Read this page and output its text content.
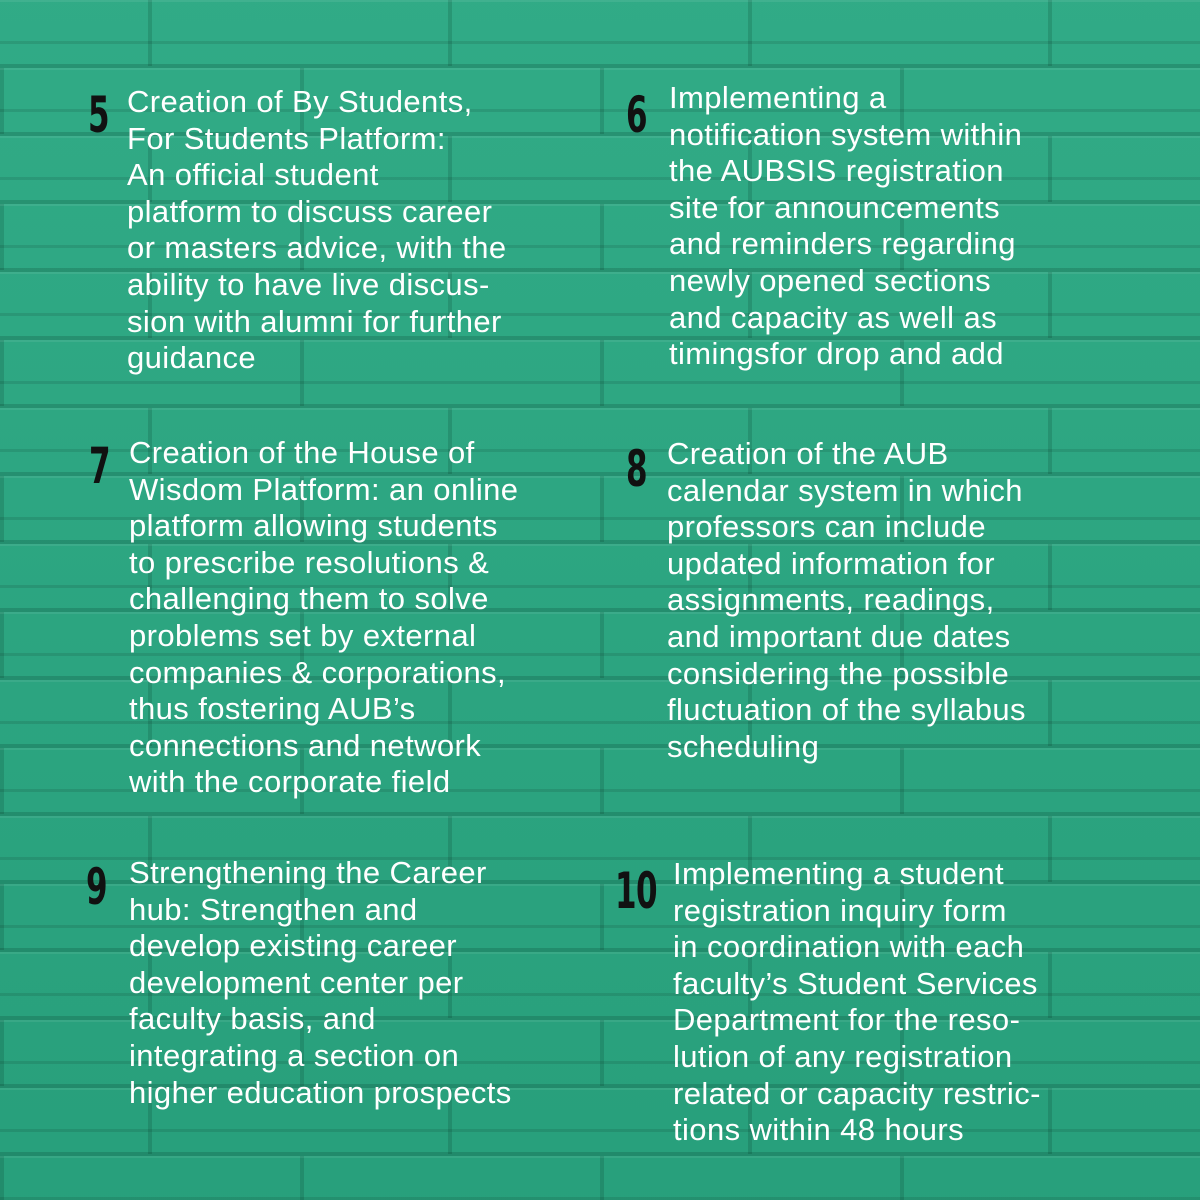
5 Creation of By Students,
For Students Platform:
An official student
platform to discuss career
or masters advice, with the
ability to have live discus-
sion with alumni for further
guidance
6 Implementing a
notification system within
the AUBSIS registration
site for announcements
and reminders regarding
newly opened sections
and capacity as well as
timingsfor drop and add
7 Creation of the House of
Wisdom Platform: an online
platform allowing students
to prescribe resolutions &
challenging them to solve
problems set by external
companies & corporations,
thus fostering AUB’s
connections and network
with the corporate field
8 Creation of the AUB
calendar system in which
professors can include
updated information for
assignments, readings,
and important due dates
considering the possible
fluctuation of the syllabus
scheduling
9 Strengthening the Career
hub: Strengthen and
develop existing career
development center per
faculty basis, and
integrating a section on
higher education prospects
10 Implementing a student
registration inquiry form
in coordination with each
faculty’s Student Services
Department for the reso-
lution of any registration
related or capacity restric-
tions within 48 hours
